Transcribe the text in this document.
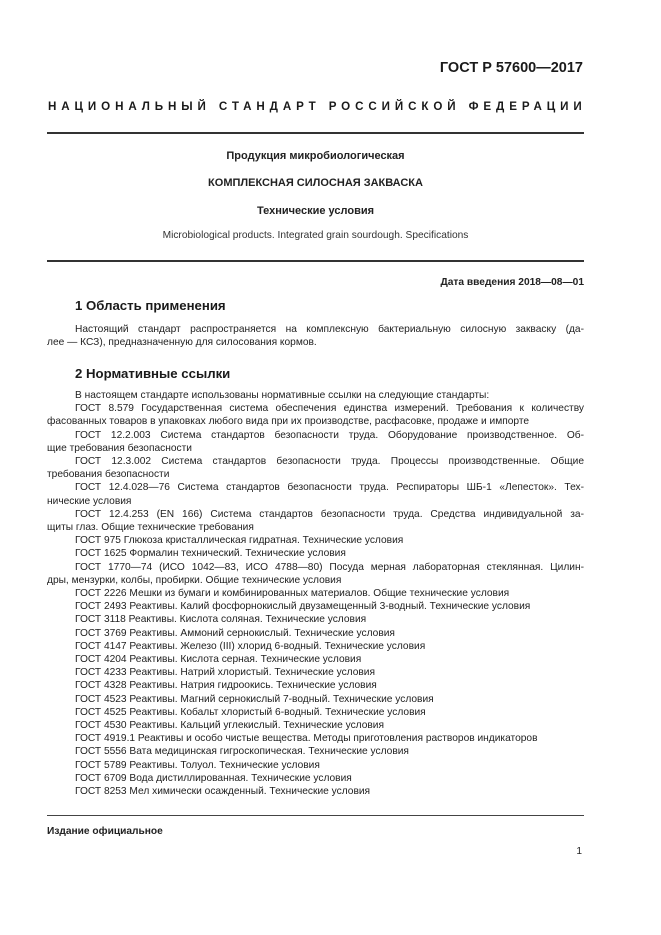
ГОСТ Р 57600—2017
НАЦИОНАЛЬНЫЙ СТАНДАРТ РОССИЙСКОЙ ФЕДЕРАЦИИ
Продукция микробиологическая
КОМПЛЕКСНАЯ СИЛОСНАЯ ЗАКВАСКА
Технические условия
Microbiological products. Integrated grain sourdough. Specifications
Дата введения 2018—08—01
1 Область применения

Настоящий стандарт распространяется на комплексную бактериальную силосную закваску (да-
лее — КСЗ), предназначенную для силосования кормов.

2 Нормативные ссылки

В настоящем стандарте использованы нормативные ссылки на следующие стандарты:

ГОСТ 8.579 Государственная система обеспечения единства измерений. Требования к количеству
фасованных товаров в упаковках любого вида при их производстве, расфасовке, продаже и импорте

ГОСТ 12.2.003 Система стандартов безопасности труда. Оборудование производственное. Об-
щие требования безопасности

ГОСТ 12.3.002 Система стандартов безопасности труда. Процессы производственные. Общие
требования безопасности

ГОСТ 12.4.028—76 Система стандартов безопасности труда. Респираторы ШБ-1 «Лепесток». Тех-
нические условия

ГОСТ 12.4.253 (EN 166) Система стандартов безопасности труда. Средства индивидуальной за-
щиты глаз. Общие технические требования

ГОСТ 975 Глюкоза кристаллическая гидратная. Технические условия

ГОСТ 1625 Формалин технический. Технические условия

ГОСТ 1770—74 (ИСО 1042—83, ИСО 4788—80) Посуда мерная лабораторная стеклянная. Цилин-
дры, мензурки, колбы, пробирки. Общие технические условия

ГОСТ 2226 Мешки из бумаги и комбинированных материалов. Общие технические условия

ГОСТ 2493 Реактивы. Калий фосфорнокислый двузамещенный 3-водный. Технические условия

ГОСТ 3118 Реактивы. Кислота соляная. Технические условия

ГОСТ 3769 Реактивы. Аммоний сернокислый. Технические условия

ГОСТ 4147 Реактивы. Железо (III) хлорид 6-водный. Технические условия

ГОСТ 4204 Реактивы. Кислота серная. Технические условия

ГОСТ 4233 Реактивы. Натрий хлористый. Технические условия

ГОСТ 4328 Реактивы. Натрия гидроокись. Технические условия

ГОСТ 4523 Реактивы. Магний сернокислый 7-водный. Технические условия

ГОСТ 4525 Реактивы. Кобальт хлористый 6-водный. Технические условия

ГОСТ 4530 Реактивы. Кальций углекислый. Технические условия

ГОСТ 4919.1 Реактивы и особо чистые вещества. Методы приготовления растворов индикаторов

ГОСТ 5556 Вата медицинская гигроскопическая. Технические условия

ГОСТ 5789 Реактивы. Толуол. Технические условия

ГОСТ 6709 Вода дистиллированная. Технические условия

ГОСТ 8253 Мел химически осажденный. Технические условия

Издание официальное
1
